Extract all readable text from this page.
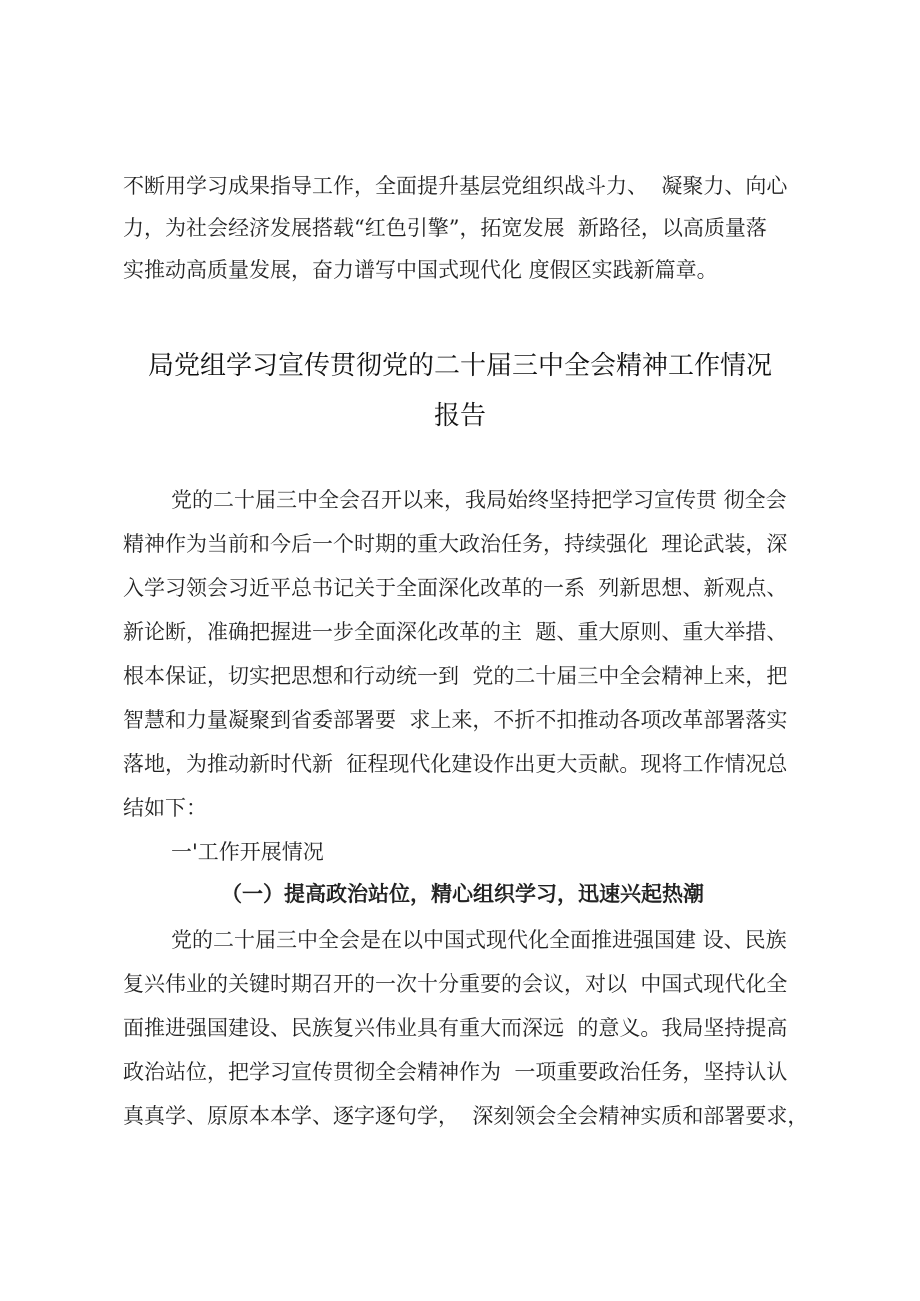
不断用学习成果指导工作，全面提升基层党组织战斗力、  凝聚力、向心
力，为社会经济发展搭载“红色引擎”，拓宽发展  新路径，以高质量落
实推动高质量发展，奋力谱写中国式现代化 度假区实践新篇章。
局党组学习宣传贯彻党的二十届三中全会精神工作情况
报告
党的二十届三中全会召开以来，我局始终坚持把学习宣传贯 彻全会
精神作为当前和今后一个时期的重大政治任务，持续强化  理论武装，深
入学习领会习近平总书记关于全面深化改革的一系  列新思想、新观点、
新论断，准确把握进一步全面深化改革的主  题、重大原则、重大举措、
根本保证，切实把思想和行动统一到  党的二十届三中全会精神上来，把
智慧和力量凝聚到省委部署要  求上来，不折不扣推动各项改革部署落实
落地，为推动新时代新  征程现代化建设作出更大贡献。现将工作情况总
结如下：
一'工作开展情况
（一）提高政治站位，精心组织学习，迅速兴起热潮
党的二十届三中全会是在以中国式现代化全面推进强国建 设、民族
复兴伟业的关键时期召开的一次十分重要的会议，对以  中国式现代化全
面推进强国建设、民族复兴伟业具有重大而深远  的意义。我局坚持提高
政治站位，把学习宣传贯彻全会精神作为  一项重要政治任务，坚持认认
真真学、原原本本学、逐字逐句学，  深刻领会全会精神实质和部署要求，
